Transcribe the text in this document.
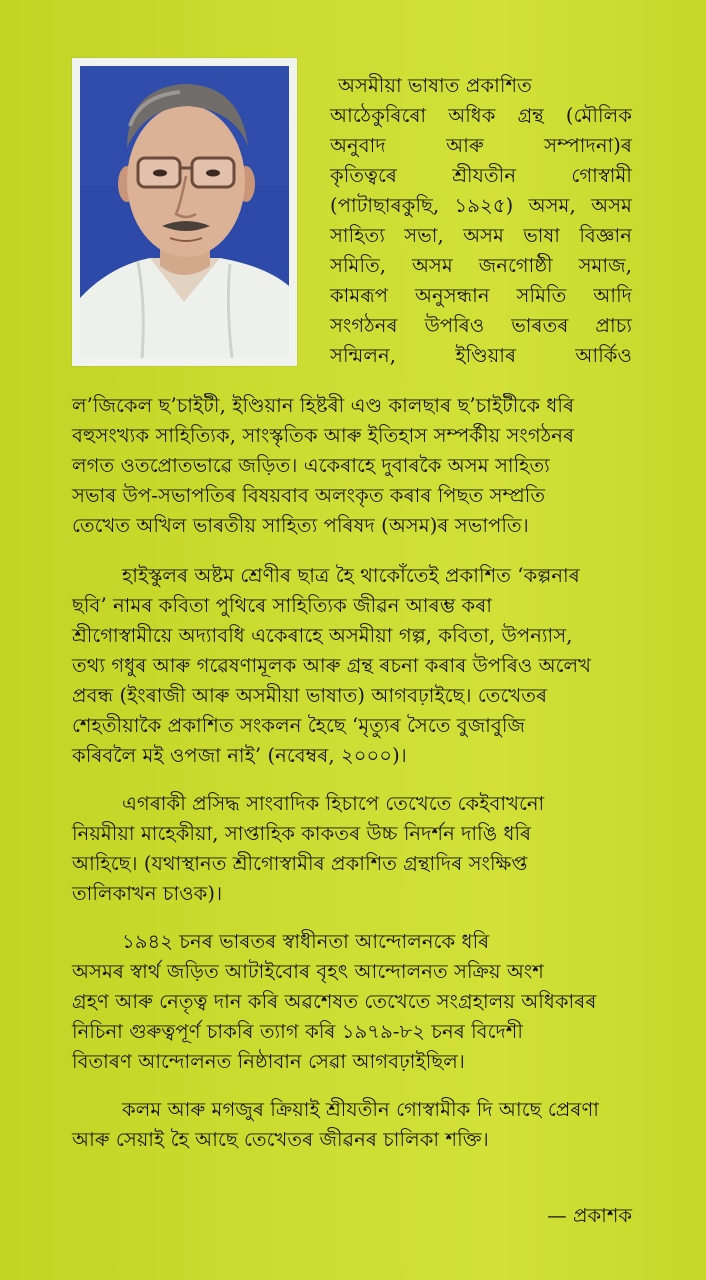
অসমীয়া ভাষাত প্ৰকাশিত
আঠেকুৰিৰো অধিক গ্ৰন্থ (মৌলিক
অনুবাদ আৰু সম্পাদনা)ৰ
কৃতিত্বৰে শ্ৰীযতীন গোস্বামী
(পাটাছাৰকুছি, ১৯২৫) অসম, অসম
সাহিত্য সভা, অসম ভাষা বিজ্ঞান
সমিতি, অসম জনগোষ্ঠী সমাজ,
কামৰূপ অনুসন্ধান সমিতি আদি
সংগঠনৰ উপৰিও ভাৰতৰ প্ৰাচ্য
সন্মিলন, ইণ্ডিয়াৰ আৰ্কিও
ল’জিকেল ছ’চাইটী, ইণ্ডিয়ান হিষ্টৰী এণ্ড কালছাৰ ছ’চাইটীকে ধৰি
বহুসংখ্যক সাহিত্যিক, সাংস্কৃতিক আৰু ইতিহাস সম্পৰ্কীয় সংগঠনৰ
লগত ওতপ্ৰোতভাৱে জড়িত। একেৰাহে দুবাৰকৈ অসম সাহিত্য
সভাৰ উপ-সভাপতিৰ বিষয়বাব অলংকৃত কৰাৰ পিছত সম্প্ৰতি
তেখেত অখিল ভাৰতীয় সাহিত্য পৰিষদ (অসম)ৰ সভাপতি।
হাইস্কুলৰ অষ্টম শ্ৰেণীৰ ছাত্ৰ হৈ থাকোঁতেই প্ৰকাশিত ‘কল্পনাৰ
ছবি’ নামৰ কবিতা পুথিৰে সাহিত্যিক জীৱন আৰম্ভ কৰা
শ্ৰীগোস্বামীয়ে অদ্যাবধি একেৰাহে অসমীয়া গল্প, কবিতা, উপন্যাস,
তথ্য গধুৰ আৰু গৱেষণামূলক আৰু গ্ৰন্থ ৰচনা কৰাৰ উপৰিও অলেখ
প্ৰবন্ধ (ইংৰাজী আৰু অসমীয়া ভাষাত) আগবঢ়াইছে। তেখেতৰ
শেহতীয়াকৈ প্ৰকাশিত সংকলন হৈছে ‘মৃত্যুৰ সৈতে বুজাবুজি
কৰিবলৈ মই ওপজা নাই’ (নবেম্বৰ, ২০০০)।
এগৰাকী প্ৰসিদ্ধ সাংবাদিক হিচাপে তেখেতে কেইবাখনো
নিয়মীয়া মাহেকীয়া, সাপ্তাহিক কাকতৰ উচ্চ নিদৰ্শন দাঙি ধৰি
আহিছে। (যথাস্থানত শ্ৰীগোস্বামীৰ প্ৰকাশিত গ্ৰন্থাদিৰ সংক্ষিপ্ত
তালিকাখন চাওক)।
১৯৪২ চনৰ ভাৰতৰ স্বাধীনতা আন্দোলনকে ধৰি
অসমৰ স্বাৰ্থ জড়িত আটাইবোৰ বৃহৎ আন্দোলনত সক্ৰিয় অংশ
গ্ৰহণ আৰু নেতৃত্ব দান কৰি অৱশেষত তেখেতে সংগ্ৰহালয় অধিকাৰৰ
নিচিনা গুৰুত্বপূৰ্ণ চাকৰি ত্যাগ কৰি ১৯৭৯-৮২ চনৰ বিদেশী
বিতাৰণ আন্দোলনত নিষ্ঠাবান সেৱা আগবঢ়াইছিল।
কলম আৰু মগজুৰ ক্ৰিয়াই শ্ৰীযতীন গোস্বামীক দি আছে প্ৰেৰণা
আৰু সেয়াই হৈ আছে তেখেতৰ জীৱনৰ চালিকা শক্তি।
— প্ৰকাশক
